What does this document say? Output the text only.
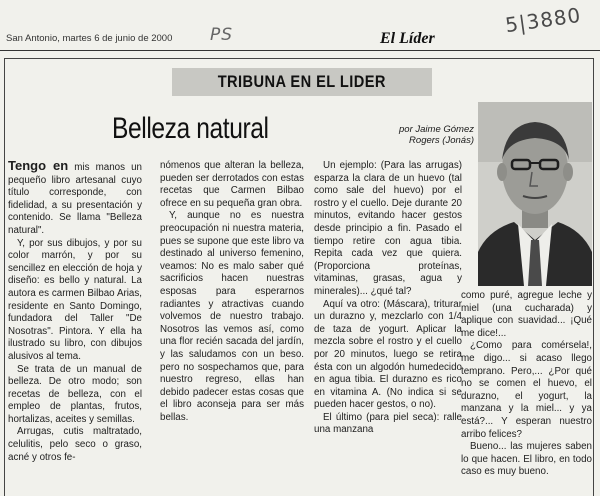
San Antonio, martes 6 de junio de 2000 PS	El Líder
5|3880
TRIBUNA EN EL LIDER
Belleza natural	por Jaime Gómez
Rogers (Jonás)

Tengo en mis manos un pequeño libro artesanal cuyo título corresponde, con fidelidad, a su presentación y contenido. Se llama "Belleza natural".

Y, por sus dibujos, y por su color marrón, y por su sencillez en elección de hoja y diseño: es bello y natural. La autora es carmen Bilbao Arias, residente en Santo Domingo, fundadora del Taller "De Nosotras". Pintora. Y ella ha ilustrado su libro, con dibujos alusivos al tema.

Se trata de un manual de belleza. De otro modo; son recetas de belleza, con el empleo de plantas, frutos, hortalizas, aceites y semillas.

Arrugas, cutis maltratado, celulitis, pelo seco o graso, acné y otros fe-

nómenos que alteran la belleza, pueden ser derrotados con estas recetas que Carmen Bilbao ofrece en su pequeña gran obra.

Y, aunque no es nuestra preocupación ni nuestra materia, pues se supone que este libro va destinado al universo femenino, veamos: No es malo saber qué sacrificios hacen nuestras esposas para esperarnos radiantes y atractivas cuando volvemos de nuestro trabajo. Nosotros las vemos así, como una flor recién sacada del jardín, y las saludamos con un beso. pero no sospechamos que, para nuestro regreso, ellas han debido padecer estas cosas que el libro aconseja para ser más bellas.

Un ejemplo: (Para las arrugas) esparza la clara de un huevo (tal como sale del huevo) por el rostro y el cuello. Deje durante 20 minutos, evitando hacer gestos desde principio a fin. Pasado el tiempo retire con agua tibia. Repita cada vez que quiera. (Proporciona proteínas, vitaminas, grasas, agua y minerales)... ¿qué tal?

Aquí va otro: (Máscara), triturar un durazno y, mezclarlo con 1/4 de taza de yogurt. Aplicar la mezcla sobre el rostro y el cuello por 20 minutos, luego se retira ésta con un algodón humedecido en agua tibia. El durazno es rico en vitamina A. (No indica si se pueden hacer gestos, o no).

El último (para piel seca): ralle una manzana

como puré, agregue leche y miel (una cucharada) y aplique con suavidad... ¡Qué me dice!...

¿Como para comérsela!, me digo... si acaso llego temprano. Pero,... ¿Por qué no se comen el huevo, el durazno, el yogurt, la manzana y la miel... y ya está?... Y esperan nuestro arribo felices?

Bueno... las mujeres saben lo que hacen. El libro, en todo caso es muy bueno.
